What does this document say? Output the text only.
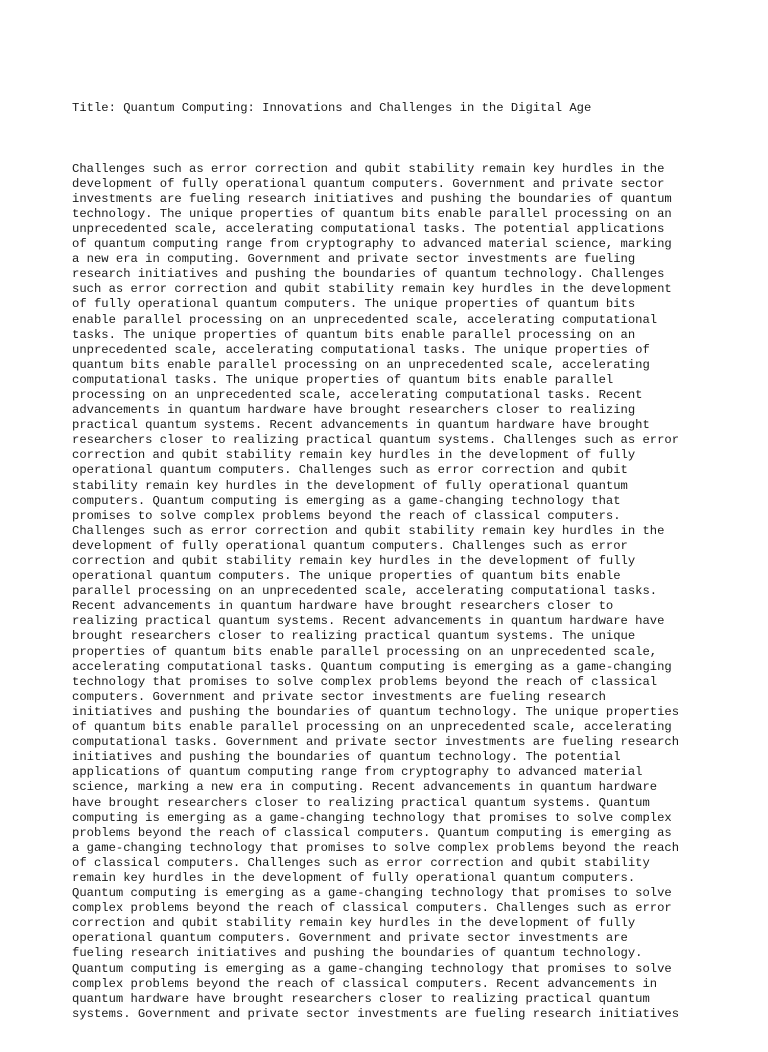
Title: Quantum Computing: Innovations and Challenges in the Digital Age

Challenges such as error correction and qubit stability remain key hurdles in the
development of fully operational quantum computers. Government and private sector
investments are fueling research initiatives and pushing the boundaries of quantum
technology. The unique properties of quantum bits enable parallel processing on an
unprecedented scale, accelerating computational tasks. The potential applications
of quantum computing range from cryptography to advanced material science, marking
a new era in computing. Government and private sector investments are fueling
research initiatives and pushing the boundaries of quantum technology. Challenges
such as error correction and qubit stability remain key hurdles in the development
of fully operational quantum computers. The unique properties of quantum bits
enable parallel processing on an unprecedented scale, accelerating computational
tasks. The unique properties of quantum bits enable parallel processing on an
unprecedented scale, accelerating computational tasks. The unique properties of
quantum bits enable parallel processing on an unprecedented scale, accelerating
computational tasks. The unique properties of quantum bits enable parallel
processing on an unprecedented scale, accelerating computational tasks. Recent
advancements in quantum hardware have brought researchers closer to realizing
practical quantum systems. Recent advancements in quantum hardware have brought
researchers closer to realizing practical quantum systems. Challenges such as error
correction and qubit stability remain key hurdles in the development of fully
operational quantum computers. Challenges such as error correction and qubit
stability remain key hurdles in the development of fully operational quantum
computers. Quantum computing is emerging as a game-changing technology that
promises to solve complex problems beyond the reach of classical computers.
Challenges such as error correction and qubit stability remain key hurdles in the
development of fully operational quantum computers. Challenges such as error
correction and qubit stability remain key hurdles in the development of fully
operational quantum computers. The unique properties of quantum bits enable
parallel processing on an unprecedented scale, accelerating computational tasks.
Recent advancements in quantum hardware have brought researchers closer to
realizing practical quantum systems. Recent advancements in quantum hardware have
brought researchers closer to realizing practical quantum systems. The unique
properties of quantum bits enable parallel processing on an unprecedented scale,
accelerating computational tasks. Quantum computing is emerging as a game-changing
technology that promises to solve complex problems beyond the reach of classical
computers. Government and private sector investments are fueling research
initiatives and pushing the boundaries of quantum technology. The unique properties
of quantum bits enable parallel processing on an unprecedented scale, accelerating
computational tasks. Government and private sector investments are fueling research
initiatives and pushing the boundaries of quantum technology. The potential
applications of quantum computing range from cryptography to advanced material
science, marking a new era in computing. Recent advancements in quantum hardware
have brought researchers closer to realizing practical quantum systems. Quantum
computing is emerging as a game-changing technology that promises to solve complex
problems beyond the reach of classical computers. Quantum computing is emerging as
a game-changing technology that promises to solve complex problems beyond the reach
of classical computers. Challenges such as error correction and qubit stability
remain key hurdles in the development of fully operational quantum computers.
Quantum computing is emerging as a game-changing technology that promises to solve
complex problems beyond the reach of classical computers. Challenges such as error
correction and qubit stability remain key hurdles in the development of fully
operational quantum computers. Government and private sector investments are
fueling research initiatives and pushing the boundaries of quantum technology.
Quantum computing is emerging as a game-changing technology that promises to solve
complex problems beyond the reach of classical computers. Recent advancements in
quantum hardware have brought researchers closer to realizing practical quantum
systems. Government and private sector investments are fueling research initiatives
